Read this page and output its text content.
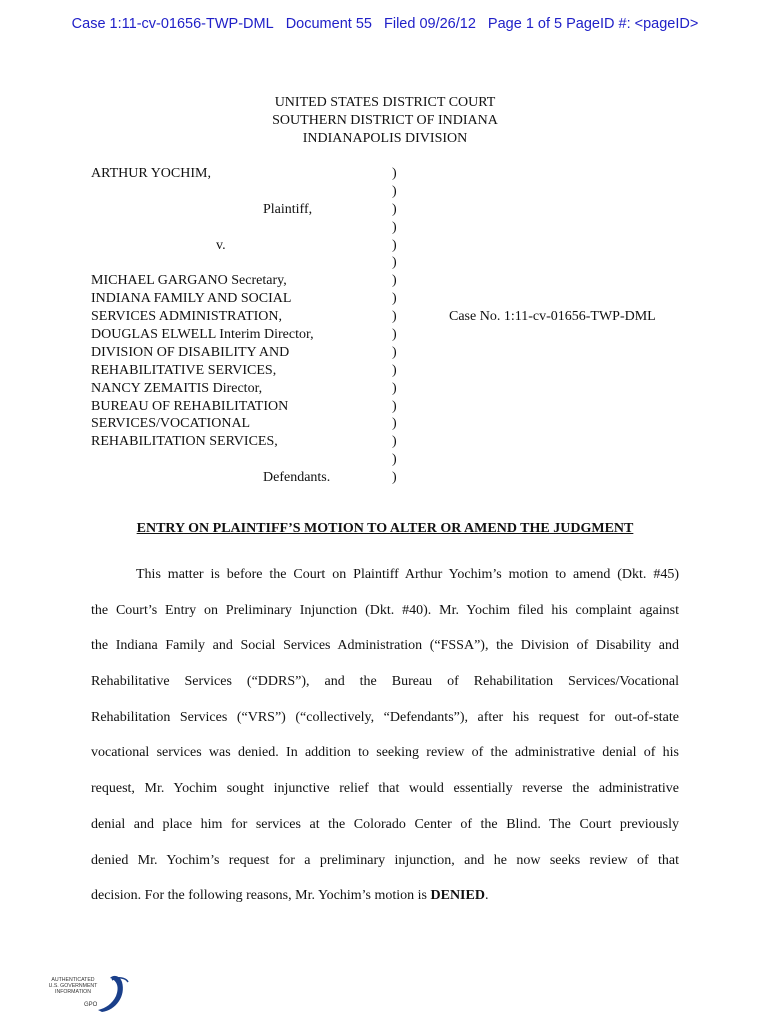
Case 1:11-cv-01656-TWP-DML Document 55 Filed 09/26/12 Page 1 of 5 PageID #: <pageID>
UNITED STATES DISTRICT COURT
SOUTHERN DISTRICT OF INDIANA
INDIANAPOLIS DIVISION
ARTHUR YOCHIM,
Plaintiff,
v.
MICHAEL GARGANO Secretary,
INDIANA FAMILY AND SOCIAL
SERVICES ADMINISTRATION,
DOUGLAS ELWELL Interim Director,
DIVISION OF DISABILITY AND
REHABILITATIVE SERVICES,
NANCY ZEMAITIS Director,
BUREAU OF REHABILITATION
SERVICES/VOCATIONAL
REHABILITATION SERVICES,
Defendants.
)
)
)
)
)
)
)
)
)
)
)
)
)
)
)
)
)
)
Case No. 1:11-cv-01656-TWP-DML
ENTRY ON PLAINTIFF’S MOTION TO ALTER OR AMEND THE JUDGMENT
This matter is before the Court on Plaintiff Arthur Yochim’s motion to amend (Dkt. #45)
the Court’s Entry on Preliminary Injunction (Dkt. #40). Mr. Yochim filed his complaint against
the Indiana Family and Social Services Administration (“FSSA”), the Division of Disability and
Rehabilitative Services (“DDRS”), and the Bureau of Rehabilitation Services/Vocational
Rehabilitation Services (“VRS”) (“collectively, “Defendants”), after his request for out-of-state
vocational services was denied. In addition to seeking review of the administrative denial of his
request, Mr. Yochim sought injunctive relief that would essentially reverse the administrative
denial and place him for services at the Colorado Center of the Blind. The Court previously
denied Mr. Yochim’s request for a preliminary injunction, and he now seeks review of that
decision. For the following reasons, Mr. Yochim’s motion is DENIED.
AUTHENTICATED
U.S. GOVERNMENT
INFORMATION
GPO
